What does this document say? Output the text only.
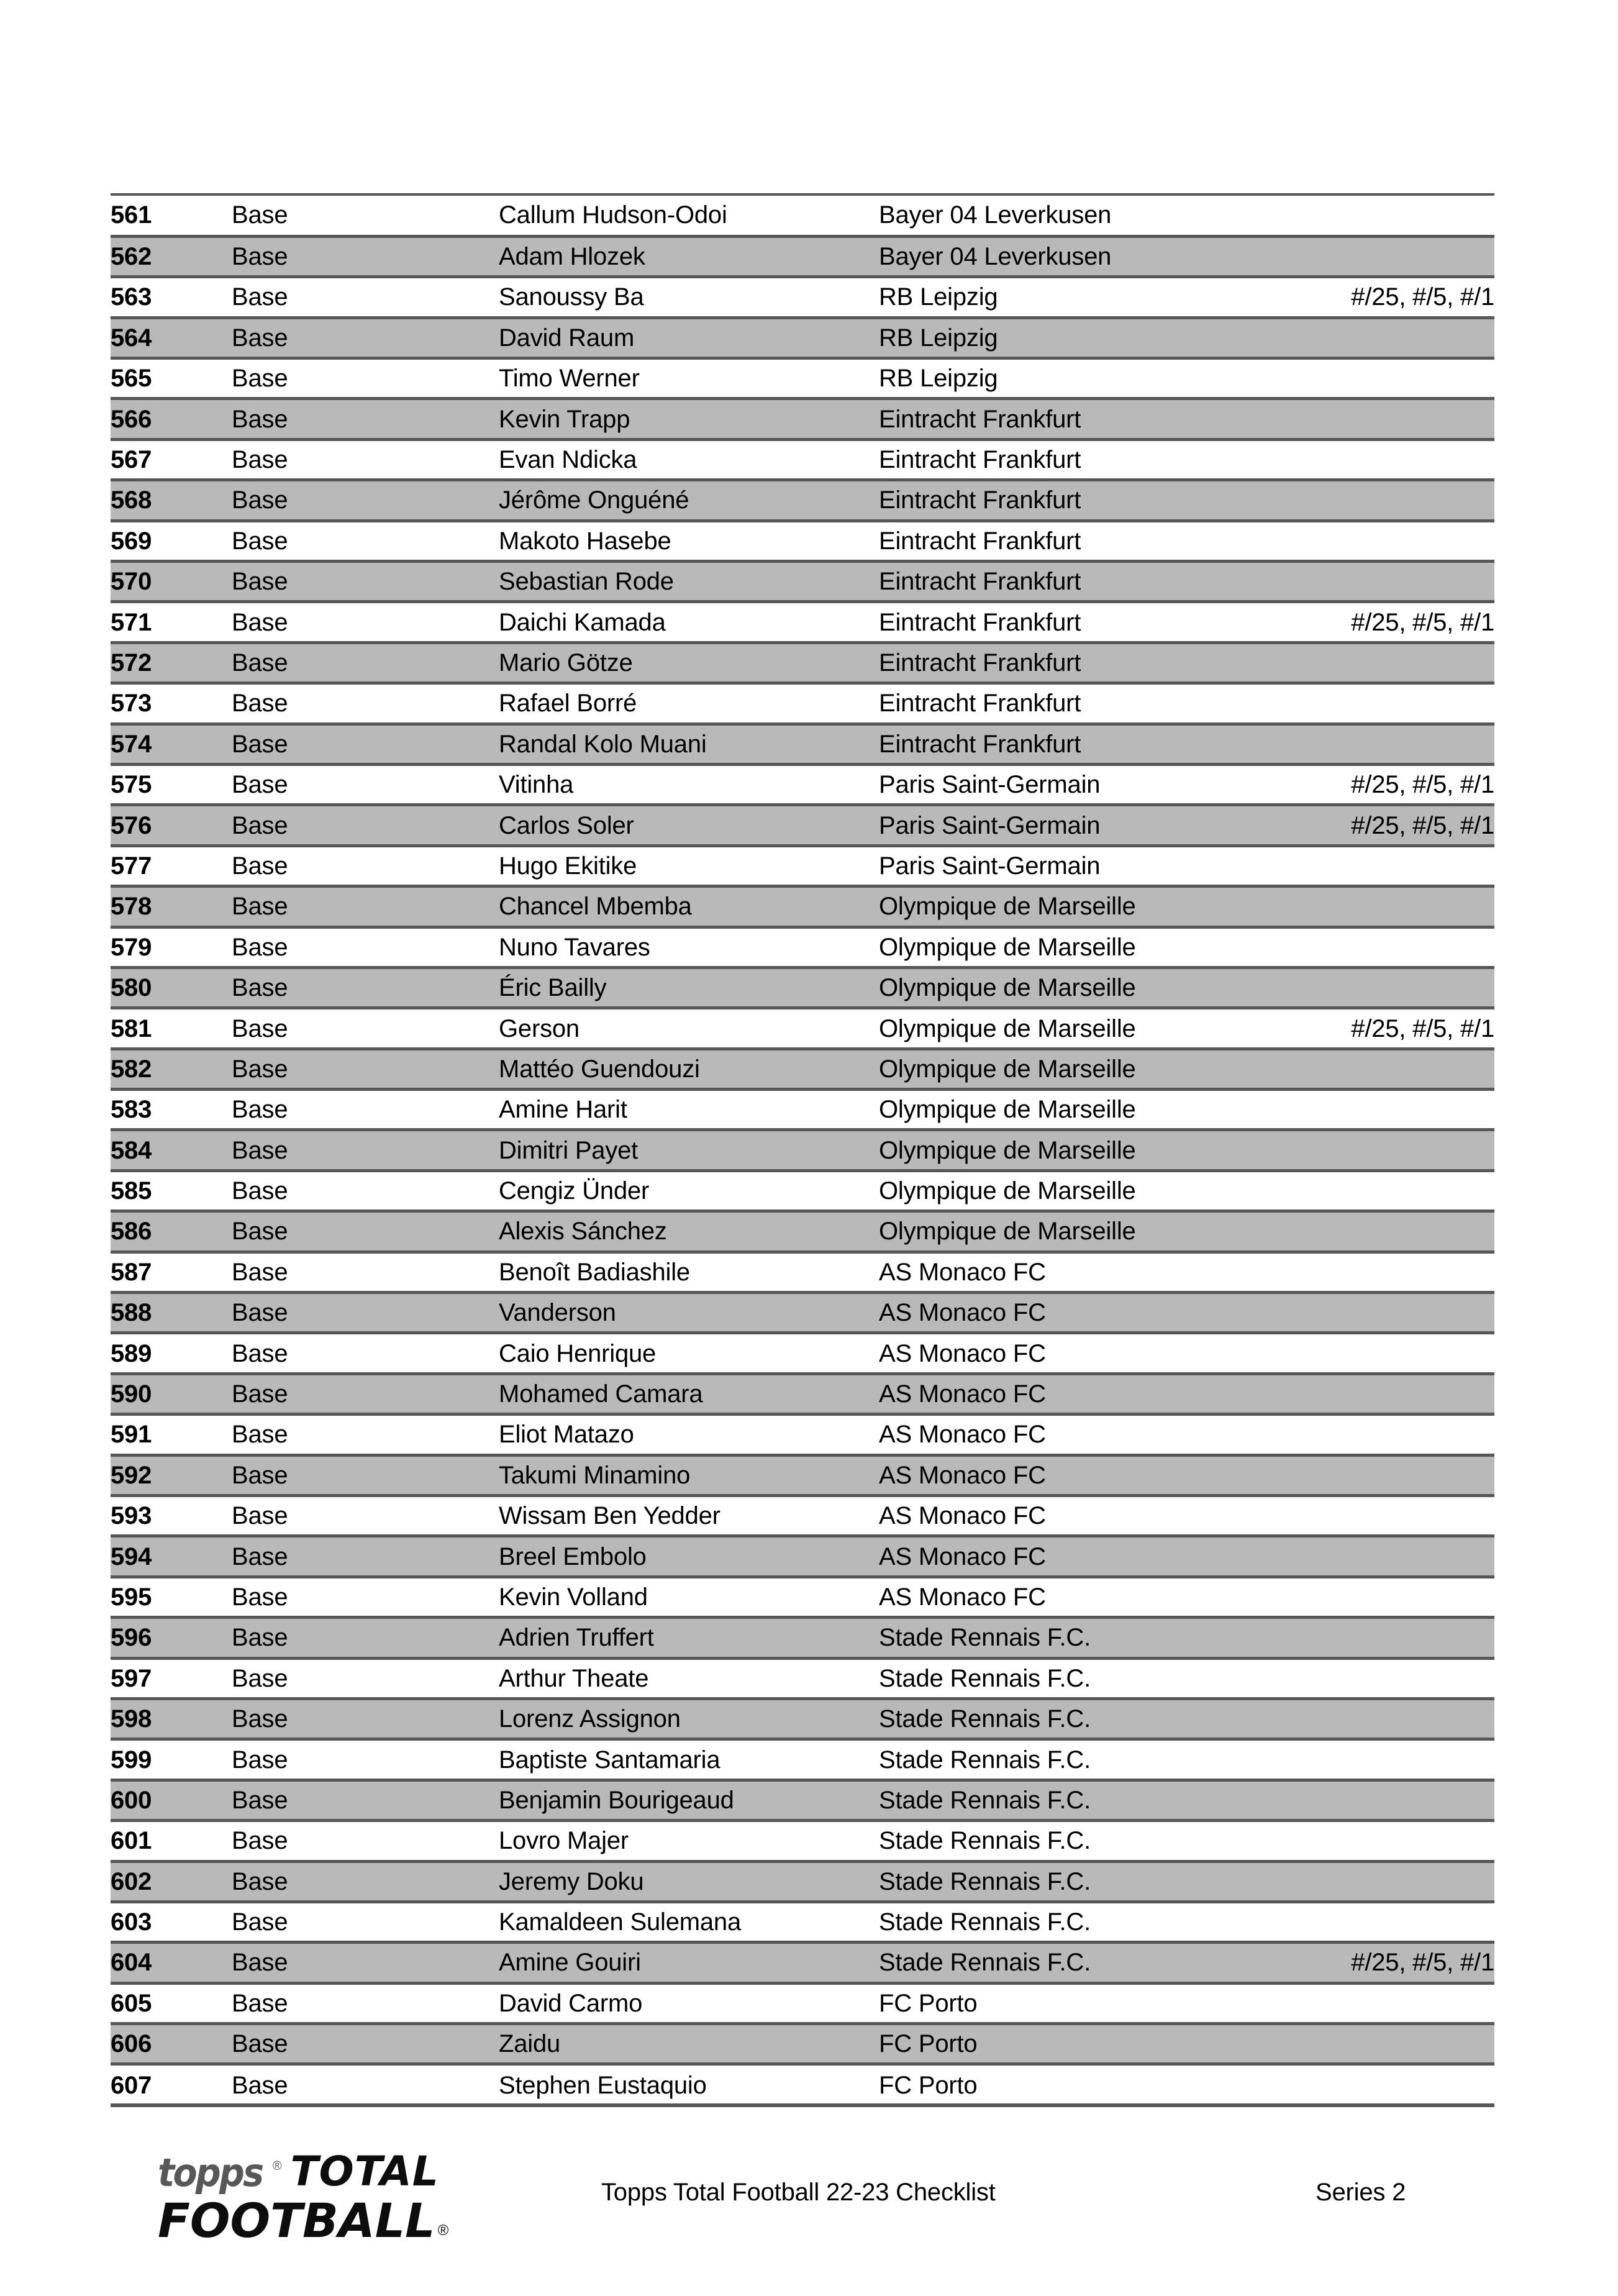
561	Base	Callum Hudson-Odoi	Bayer 04 Leverkusen	
562	Base	Adam Hlozek	Bayer 04 Leverkusen	
563	Base	Sanoussy Ba	RB Leipzig	#/25, #/5, #/1
564	Base	David Raum	RB Leipzig	
565	Base	Timo Werner	RB Leipzig	
566	Base	Kevin Trapp	Eintracht Frankfurt	
567	Base	Evan Ndicka	Eintracht Frankfurt	
568	Base	Jérôme Onguéné	Eintracht Frankfurt	
569	Base	Makoto Hasebe	Eintracht Frankfurt	
570	Base	Sebastian Rode	Eintracht Frankfurt	
571	Base	Daichi Kamada	Eintracht Frankfurt	#/25, #/5, #/1
572	Base	Mario Götze	Eintracht Frankfurt	
573	Base	Rafael Borré	Eintracht Frankfurt	
574	Base	Randal Kolo Muani	Eintracht Frankfurt	
575	Base	Vitinha	Paris Saint-Germain	#/25, #/5, #/1
576	Base	Carlos Soler	Paris Saint-Germain	#/25, #/5, #/1
577	Base	Hugo Ekitike	Paris Saint-Germain	
578	Base	Chancel Mbemba	Olympique de Marseille	
579	Base	Nuno Tavares	Olympique de Marseille	
580	Base	Éric Bailly	Olympique de Marseille	
581	Base	Gerson	Olympique de Marseille	#/25, #/5, #/1
582	Base	Mattéo Guendouzi	Olympique de Marseille	
583	Base	Amine Harit	Olympique de Marseille	
584	Base	Dimitri Payet	Olympique de Marseille	
585	Base	Cengiz Ünder	Olympique de Marseille	
586	Base	Alexis Sánchez	Olympique de Marseille	
587	Base	Benoît Badiashile	AS Monaco FC	
588	Base	Vanderson	AS Monaco FC	
589	Base	Caio Henrique	AS Monaco FC	
590	Base	Mohamed Camara	AS Monaco FC	
591	Base	Eliot Matazo	AS Monaco FC	
592	Base	Takumi Minamino	AS Monaco FC	
593	Base	Wissam Ben Yedder	AS Monaco FC	
594	Base	Breel Embolo	AS Monaco FC	
595	Base	Kevin Volland	AS Monaco FC	
596	Base	Adrien Truffert	Stade Rennais F.C.	
597	Base	Arthur Theate	Stade Rennais F.C.	
598	Base	Lorenz Assignon	Stade Rennais F.C.	
599	Base	Baptiste Santamaria	Stade Rennais F.C.	
600	Base	Benjamin Bourigeaud	Stade Rennais F.C.	
601	Base	Lovro Majer	Stade Rennais F.C.	
602	Base	Jeremy Doku	Stade Rennais F.C.	
603	Base	Kamaldeen Sulemana	Stade Rennais F.C.	
604	Base	Amine Gouiri	Stade Rennais F.C.	#/25, #/5, #/1
605	Base	David Carmo	FC Porto	
606	Base	Zaidu	FC Porto	
607	Base	Stephen Eustaquio	FC Porto	
topps ® TOTAL
FOOTBALL ®
Topps Total Football 22-23 Checklist	Series 2
